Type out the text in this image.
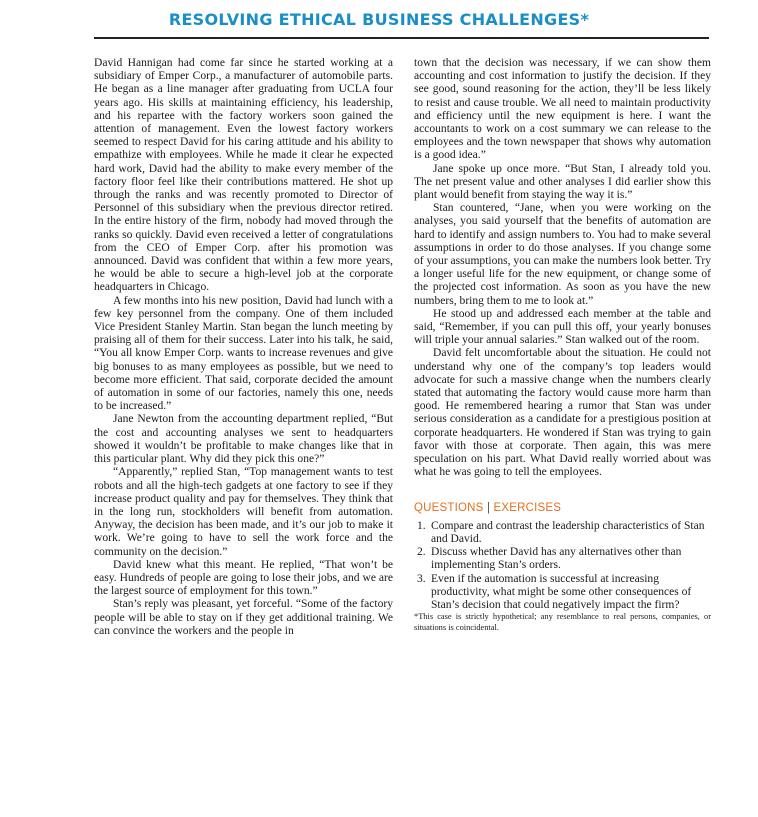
RESOLVING ETHICAL BUSINESS CHALLENGES*

David Hannigan had come far since he started working at a subsidiary of Emper Corp., a manufacturer of automobile parts. He began as a line manager after graduating from UCLA four years ago. His skills at maintaining efficiency, his leadership, and his repartee with the factory workers soon gained the attention of management. Even the lowest factory workers seemed to respect David for his caring attitude and his ability to empathize with employees. While he made it clear he expected hard work, David had the ability to make every member of the factory floor feel like their contributions mattered. He shot up through the ranks and was recently promoted to Director of Personnel of this subsidiary when the previous director retired. In the entire history of the firm, nobody had moved through the ranks so quickly. David even received a letter of congratulations from the CEO of Emper Corp. after his promotion was announced. David was confident that within a few more years, he would be able to secure a high-level job at the corporate headquarters in Chicago.

A few months into his new position, David had lunch with a few key personnel from the company. One of them included Vice President Stanley Martin. Stan began the lunch meeting by praising all of them for their success. Later into his talk, he said, “You all know Emper Corp. wants to increase revenues and give big bonuses to as many employees as possible, but we need to become more efficient. That said, corporate decided the amount of automation in some of our factories, namely this one, needs to be increased.”

Jane Newton from the accounting department replied, “But the cost and accounting analyses we sent to headquarters showed it wouldn’t be profitable to make changes like that in this particular plant. Why did they pick this one?”

“Apparently,” replied Stan, “Top management wants to test robots and all the high-tech gadgets at one factory to see if they increase product quality and pay for themselves. They think that in the long run, stockholders will benefit from automation. Anyway, the decision has been made, and it’s our job to make it work. We’re going to have to sell the work force and the community on the decision.”

David knew what this meant. He replied, “That won’t be easy. Hundreds of people are going to lose their jobs, and we are the largest source of employment for this town.”

Stan’s reply was pleasant, yet forceful. “Some of the factory people will be able to stay on if they get additional training. We can convince the workers and the people in

town that the decision was necessary, if we can show them accounting and cost information to justify the decision. If they see good, sound reasoning for the action, they’ll be less likely to resist and cause trouble. We all need to maintain productivity and efficiency until the new equipment is here. I want the accountants to work on a cost summary we can release to the employees and the town newspaper that shows why automation is a good idea.”

Jane spoke up once more. “But Stan, I already told you. The net present value and other analyses I did earlier show this plant would benefit from staying the way it is.”

Stan countered, “Jane, when you were working on the analyses, you said yourself that the benefits of automation are hard to identify and assign numbers to. You had to make several assumptions in order to do those analyses. If you change some of your assumptions, you can make the numbers look better. Try a longer useful life for the new equipment, or change some of the projected cost information. As soon as you have the new numbers, bring them to me to look at.”

He stood up and addressed each member at the table and said, “Remember, if you can pull this off, your yearly bonuses will triple your annual salaries.” Stan walked out of the room.

David felt uncomfortable about the situation. He could not understand why one of the company’s top leaders would advocate for such a massive change when the numbers clearly stated that automating the factory would cause more harm than good. He remembered hearing a rumor that Stan was under serious consideration as a candidate for a prestigious position at corporate headquarters. He wondered if Stan was trying to gain favor with those at corporate. Then again, this was mere speculation on his part. What David really worried about was what he was going to tell the employees.

QUESTIONS | EXERCISES
1. Compare and contrast the leadership characteristics of Stan and David.
2. Discuss whether David has any alternatives other than implementing Stan’s orders.
3. Even if the automation is successful at increasing productivity, what might be some other consequences of Stan’s decision that could negatively impact the firm?

*This case is strictly hypothetical; any resemblance to real persons, companies, or situations is coincidental.
